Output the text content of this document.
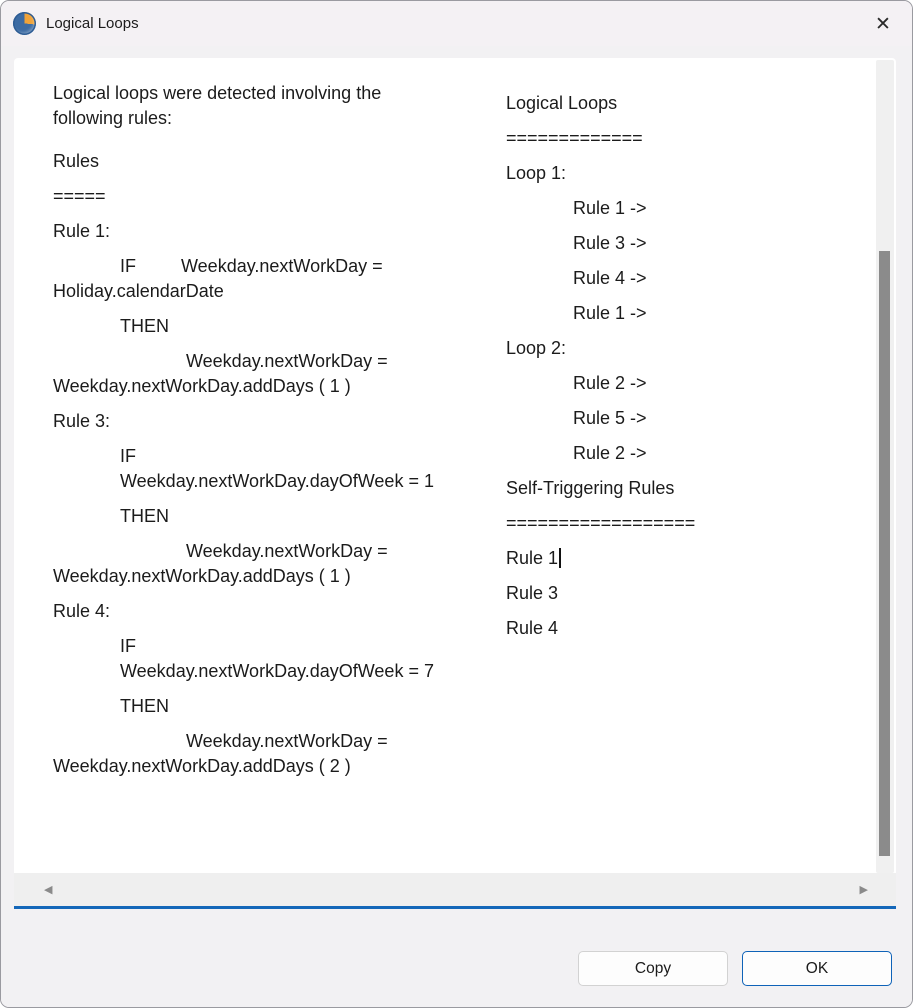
Logical Loops	✕
Logical loops were detected involving the
following rules:
Rules
=====
Rule 1:
IF         Weekday.nextWorkDay =
Holiday.calendarDate
THEN
Weekday.nextWorkDay =
Weekday.nextWorkDay.addDays ( 1 )
Rule 3:
IF
Weekday.nextWorkDay.dayOfWeek = 1
THEN
Weekday.nextWorkDay =
Weekday.nextWorkDay.addDays ( 1 )
Rule 4:
IF
Weekday.nextWorkDay.dayOfWeek = 7
THEN
Weekday.nextWorkDay =
Weekday.nextWorkDay.addDays ( 2 )
Logical Loops
=============
Loop 1:
Rule 1 ->
Rule 3 ->
Rule 4 ->
Rule 1 ->
Loop 2:
Rule 2 ->
Rule 5 ->
Rule 2 ->
Self-Triggering Rules
==================
Rule 1
Rule 3
Rule 4
◀	▶
Copy	OK
